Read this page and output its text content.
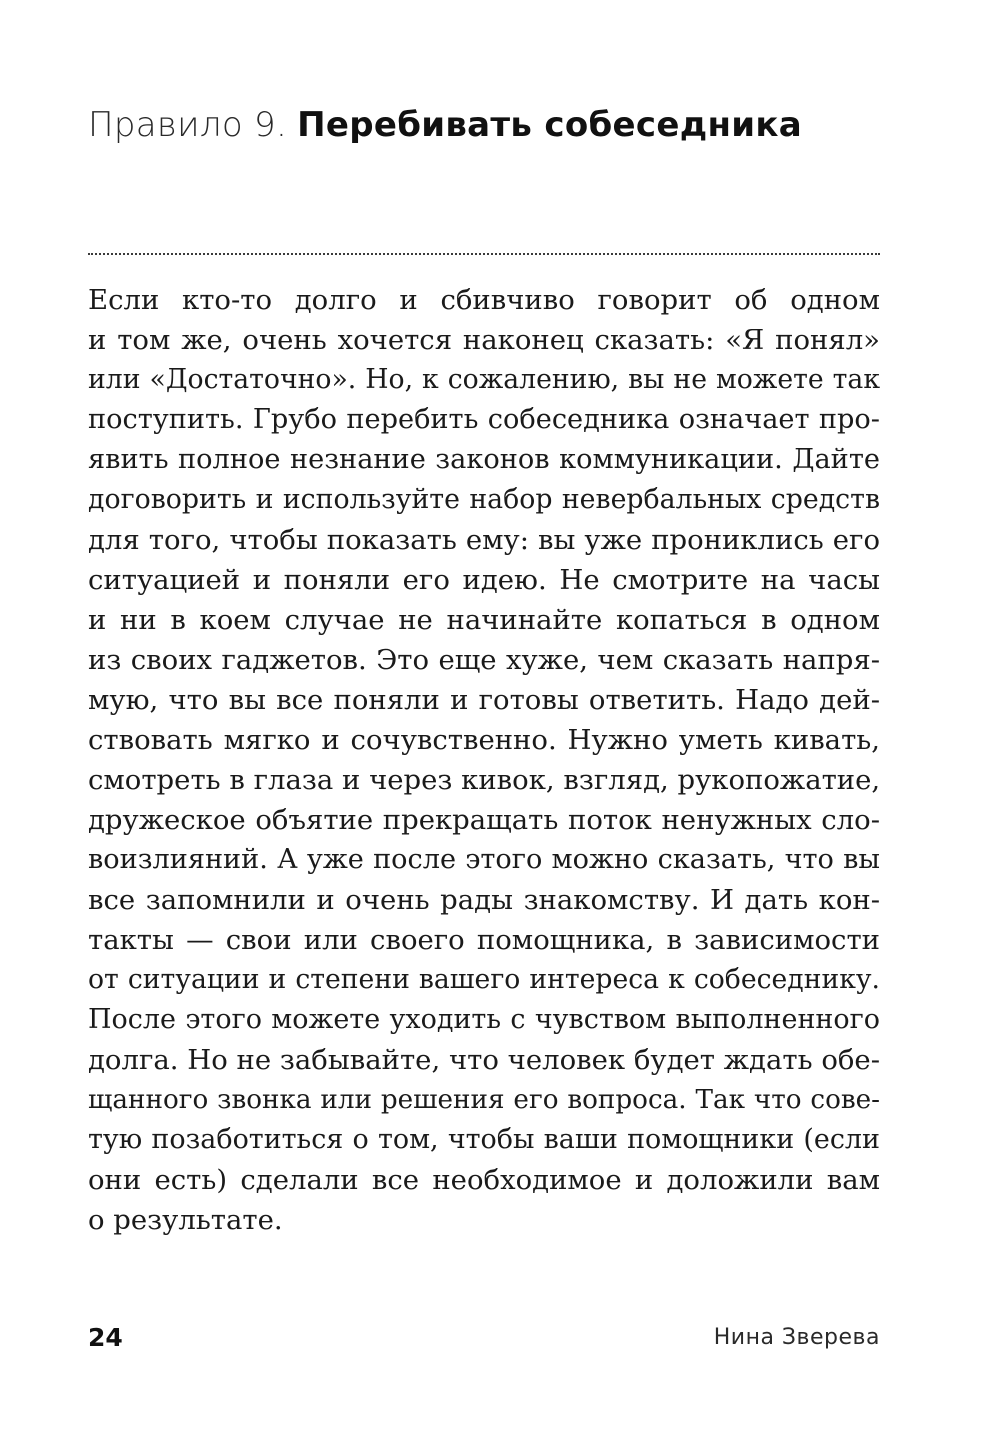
Правило 9. Перебивать собеседника
Если кто-то долго и сбивчиво говорит об одном
и том же, очень хочется наконец сказать: «Я понял»
или «Достаточно». Но, к сожалению, вы не можете так
поступить. Грубо перебить собеседника означает про-
явить полное незнание законов коммуникации. Дайте
договорить и используйте набор невербальных средств
для того, чтобы показать ему: вы уже прониклись его
ситуацией и поняли его идею. Не смотрите на часы
и ни в коем случае не начинайте копаться в одном
из своих гаджетов. Это еще хуже, чем сказать напря-
мую, что вы все поняли и готовы ответить. Надо дей-
ствовать мягко и сочувственно. Нужно уметь кивать,
смотреть в глаза и через кивок, взгляд, рукопожатие,
дружеское объятие прекращать поток ненужных сло-
воизлияний. А уже после этого можно сказать, что вы
все запомнили и очень рады знакомству. И дать кон-
такты — свои или своего помощника, в зависимости
от ситуации и степени вашего интереса к собеседнику.
После этого можете уходить с чувством выполненного
долга. Но не забывайте, что человек будет ждать обе-
щанного звонка или решения его вопроса. Так что сове-
тую позаботиться о том, чтобы ваши помощники (если
они есть) сделали все необходимое и доложили вам
о результате.
24	Нина Зверева
